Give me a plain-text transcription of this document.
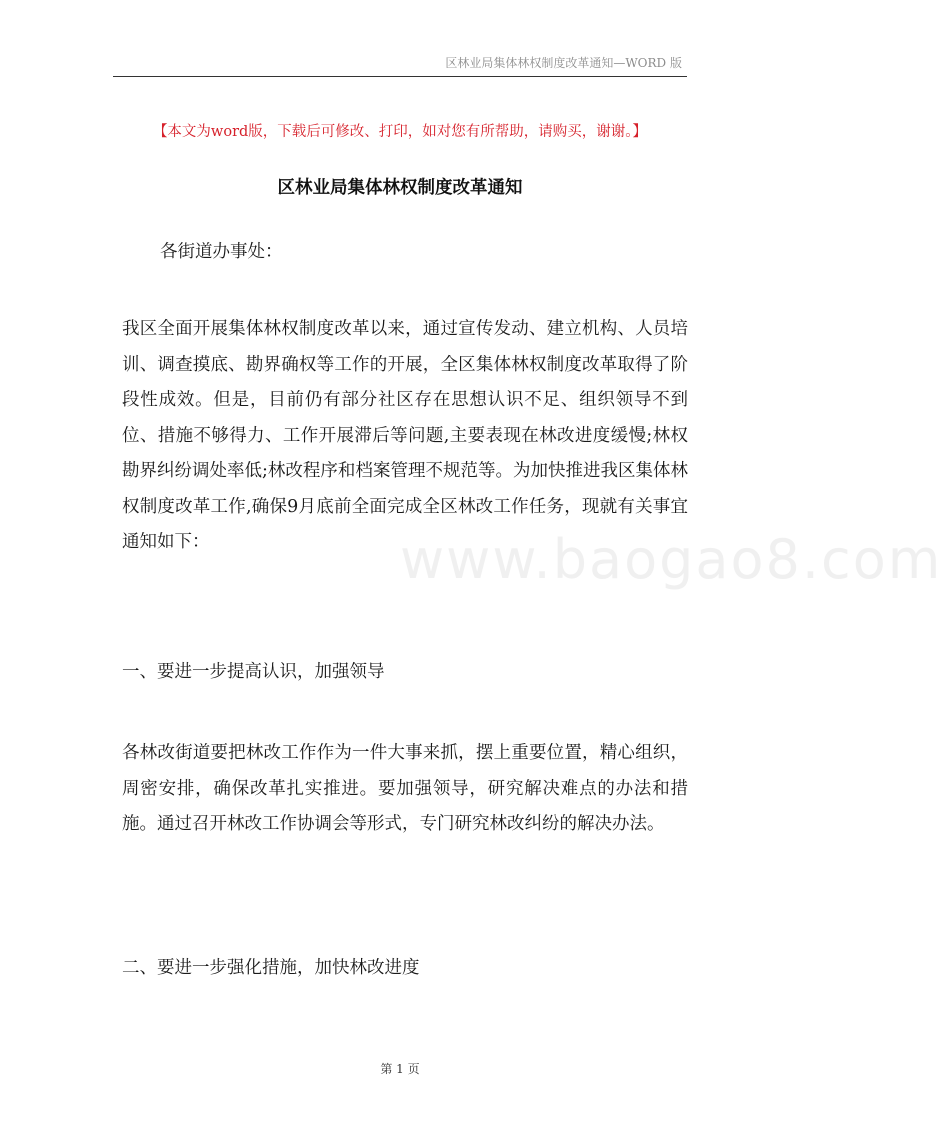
区林业局集体林权制度改革通知—WORD 版
【本文为word版，下载后可修改、打印，如对您有所帮助，请购买，谢谢。】
区林业局集体林权制度改革通知
各街道办事处：

我区全面开展集体林权制度改革以来，通过宣传发动、建立机构、人员培训、调查摸底、勘界确权等工作的开展，全区集体林权制度改革取得了阶段性成效。但是，目前仍有部分社区存在思想认识不足、组织领导不到位、措施不够得力、工作开展滞后等问题,主要表现在林改进度缓慢;林权勘界纠纷调处率低;林改程序和档案管理不规范等。为加快推进我区集体林权制度改革工作,确保9月底前全面完成全区林改工作任务，现就有关事宜通知如下：

一、要进一步提高认识，加强领导

各林改街道要把林改工作作为一件大事来抓，摆上重要位置，精心组织，周密安排，确保改革扎实推进。要加强领导，研究解决难点的办法和措施。通过召开林改工作协调会等形式，专门研究林改纠纷的解决办法。

二、要进一步强化措施，加快林改进度
www.baogao8.com
第 1 页
